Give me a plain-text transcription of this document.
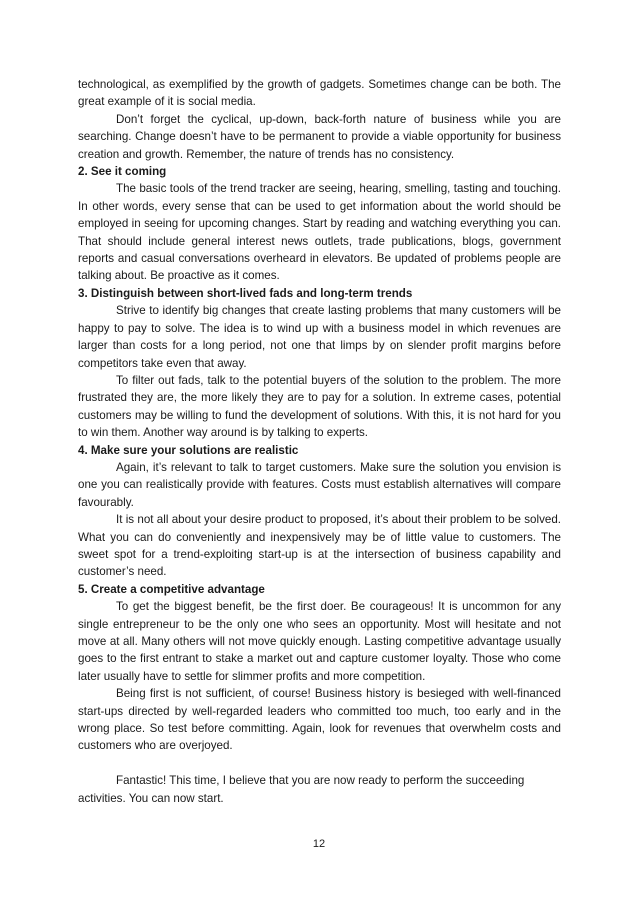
technological, as exemplified by the growth of gadgets. Sometimes change can be both. The great example of it is social media.

Don’t forget the cyclical, up-down, back-forth nature of business while you are searching. Change doesn’t have to be permanent to provide a viable opportunity for business creation and growth. Remember, the nature of trends has no consistency.

2. See it coming

The basic tools of the trend tracker are seeing, hearing, smelling, tasting and touching. In other words, every sense that can be used to get information about the world should be employed in seeing for upcoming changes. Start by reading and watching everything you can. That should include general interest news outlets, trade publications, blogs, government reports and casual conversations overheard in elevators. Be updated of problems people are talking about. Be proactive as it comes.

3. Distinguish between short-lived fads and long-term trends

Strive to identify big changes that create lasting problems that many customers will be happy to pay to solve. The idea is to wind up with a business model in which revenues are larger than costs for a long period, not one that limps by on slender profit margins before competitors take even that away.

To filter out fads, talk to the potential buyers of the solution to the problem. The more frustrated they are, the more likely they are to pay for a solution. In extreme cases, potential customers may be willing to fund the development of solutions. With this, it is not hard for you to win them. Another way around is by talking to experts.

4. Make sure your solutions are realistic

Again, it’s relevant to talk to target customers. Make sure the solution you envision is one you can realistically provide with features. Costs must establish alternatives will compare favourably.

It is not all about your desire product to proposed, it’s about their problem to be solved. What you can do conveniently and inexpensively may be of little value to customers. The sweet spot for a trend-exploiting start-up is at the intersection of business capability and customer’s need.

5. Create a competitive advantage

To get the biggest benefit, be the first doer. Be courageous! It is uncommon for any single entrepreneur to be the only one who sees an opportunity. Most will hesitate and not move at all. Many others will not move quickly enough. Lasting competitive advantage usually goes to the first entrant to stake a market out and capture customer loyalty. Those who come later usually have to settle for slimmer profits and more competition.

Being first is not sufficient, of course! Business history is besieged with well-financed start-ups directed by well-regarded leaders who committed too much, too early and in the wrong place. So test before committing. Again, look for revenues that overwhelm costs and customers who are overjoyed.

Fantastic! This time, I believe that you are now ready to perform the succeeding activities. You can now start.

12
